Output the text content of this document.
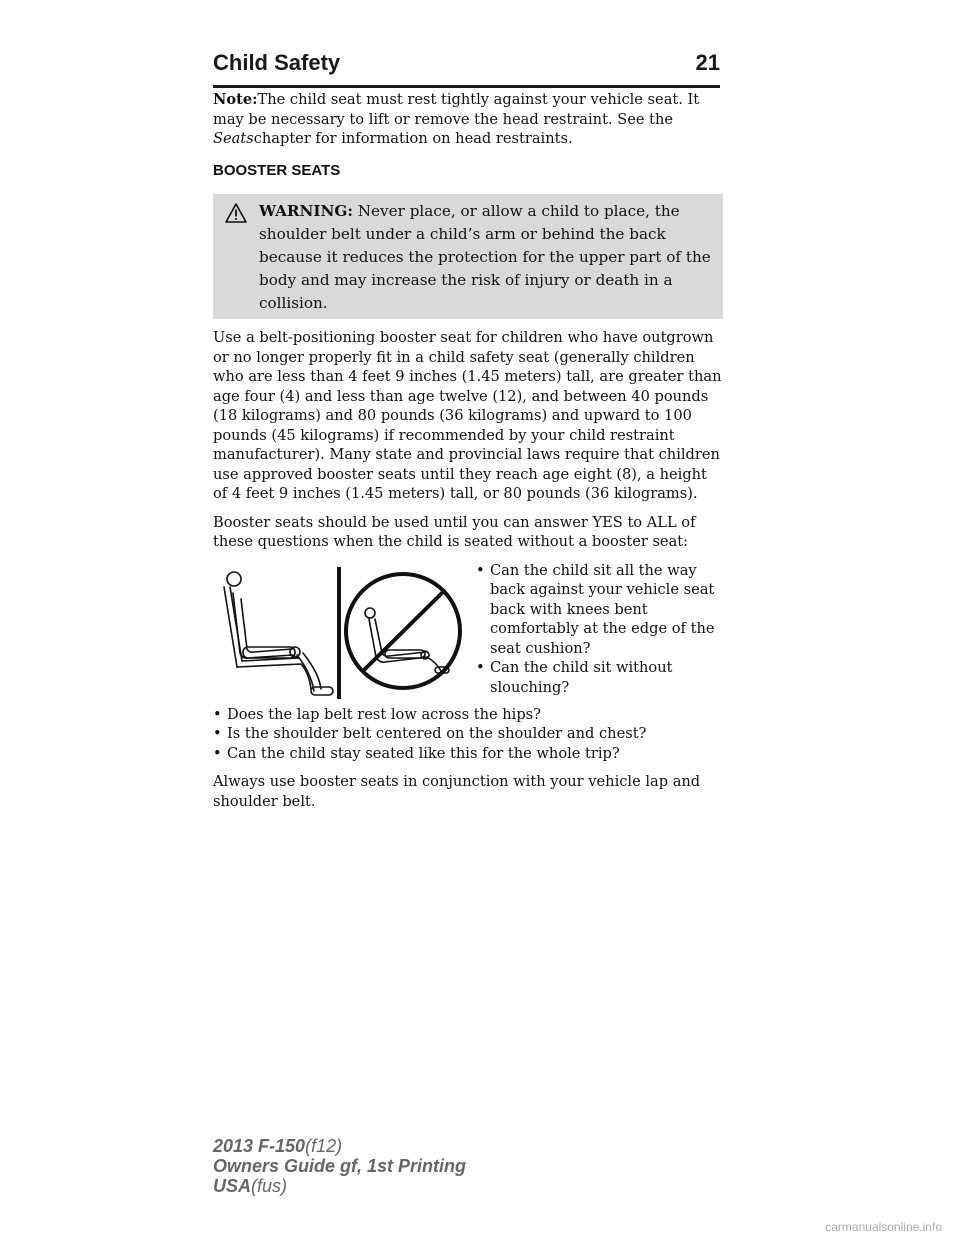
Child Safety	21

Note:The child seat must rest tightly against your vehicle seat. It may be necessary to lift or remove the head restraint. See the Seatschapter for information on head restraints.

BOOSTER SEATS
WARNING: Never place, or allow a child to place, the shoulder belt under a child’s arm or behind the back because it reduces the protection for the upper part of the body and may increase the risk of injury or death in a collision.

Use a belt-positioning booster seat for children who have outgrown or no longer properly fit in a child safety seat (generally children who are less than 4 feet 9 inches (1.45 meters) tall, are greater than age four (4) and less than age twelve (12), and between 40 pounds (18 kilograms) and 80 pounds (36 kilograms) and upward to 100 pounds (45 kilograms) if recommended by your child restraint manufacturer). Many state and provincial laws require that children use approved booster seats until they reach age eight (8), a height of 4 feet 9 inches (1.45 meters) tall, or 80 pounds (36 kilograms).

Booster seats should be used until you can answer YES to ALL of these questions when the child is seated without a booster seat:

• Can the child sit all the way back against your vehicle seat back with knees bent comfortably at the edge of the seat cushion?
• Can the child sit without slouching?
• Does the lap belt rest low across the hips?
• Is the shoulder belt centered on the shoulder and chest?
• Can the child stay seated like this for the whole trip?

Always use booster seats in conjunction with your vehicle lap and shoulder belt.

2013 F-150(f12)
Owners Guide gf, 1st Printing
USA(fus)
carmanualsonline.info
